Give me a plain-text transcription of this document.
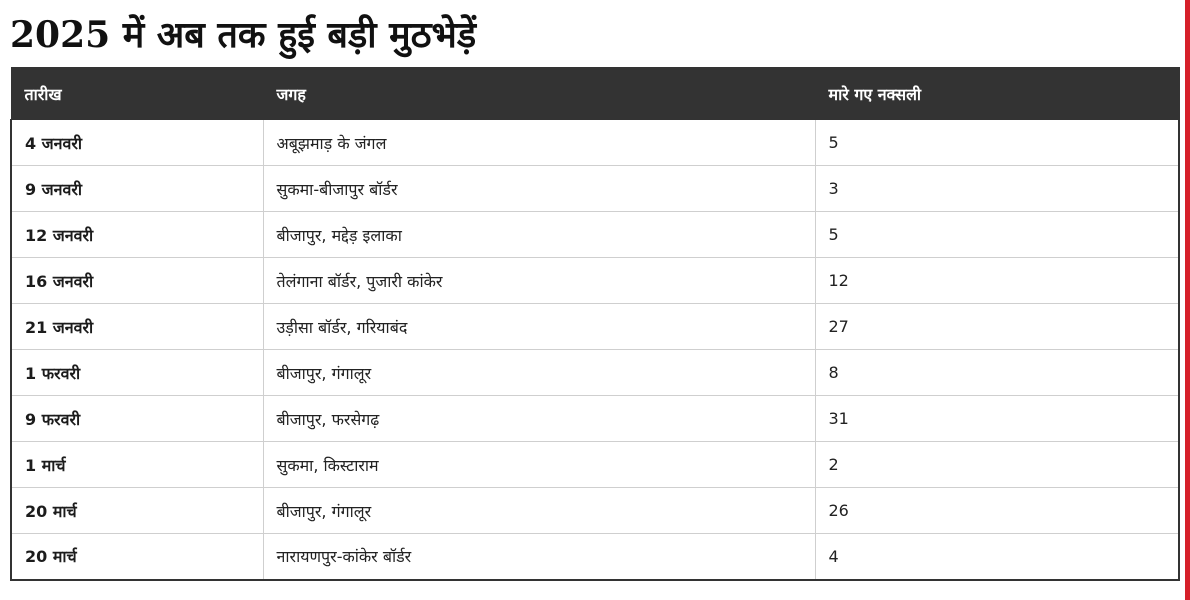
2025 में अब तक हुई बड़ी मुठभेड़ें
तारीख	जगह	मारे गए नक्सली
4 जनवरी	अबूझमाड़ के जंगल	5
9 जनवरी	सुकमा-बीजापुर बॉर्डर	3
12 जनवरी	बीजापुर, मद्देड़ इलाका	5
16 जनवरी	तेलंगाना बॉर्डर, पुजारी कांकेर	12
21 जनवरी	उड़ीसा बॉर्डर, गरियाबंद	27
1 फरवरी	बीजापुर, गंगालूर	8
9 फरवरी	बीजापुर, फरसेगढ़	31
1 मार्च	सुकमा, किस्टाराम	2
20 मार्च	बीजापुर, गंगालूर	26
20 मार्च	नारायणपुर-कांकेर बॉर्डर	4
